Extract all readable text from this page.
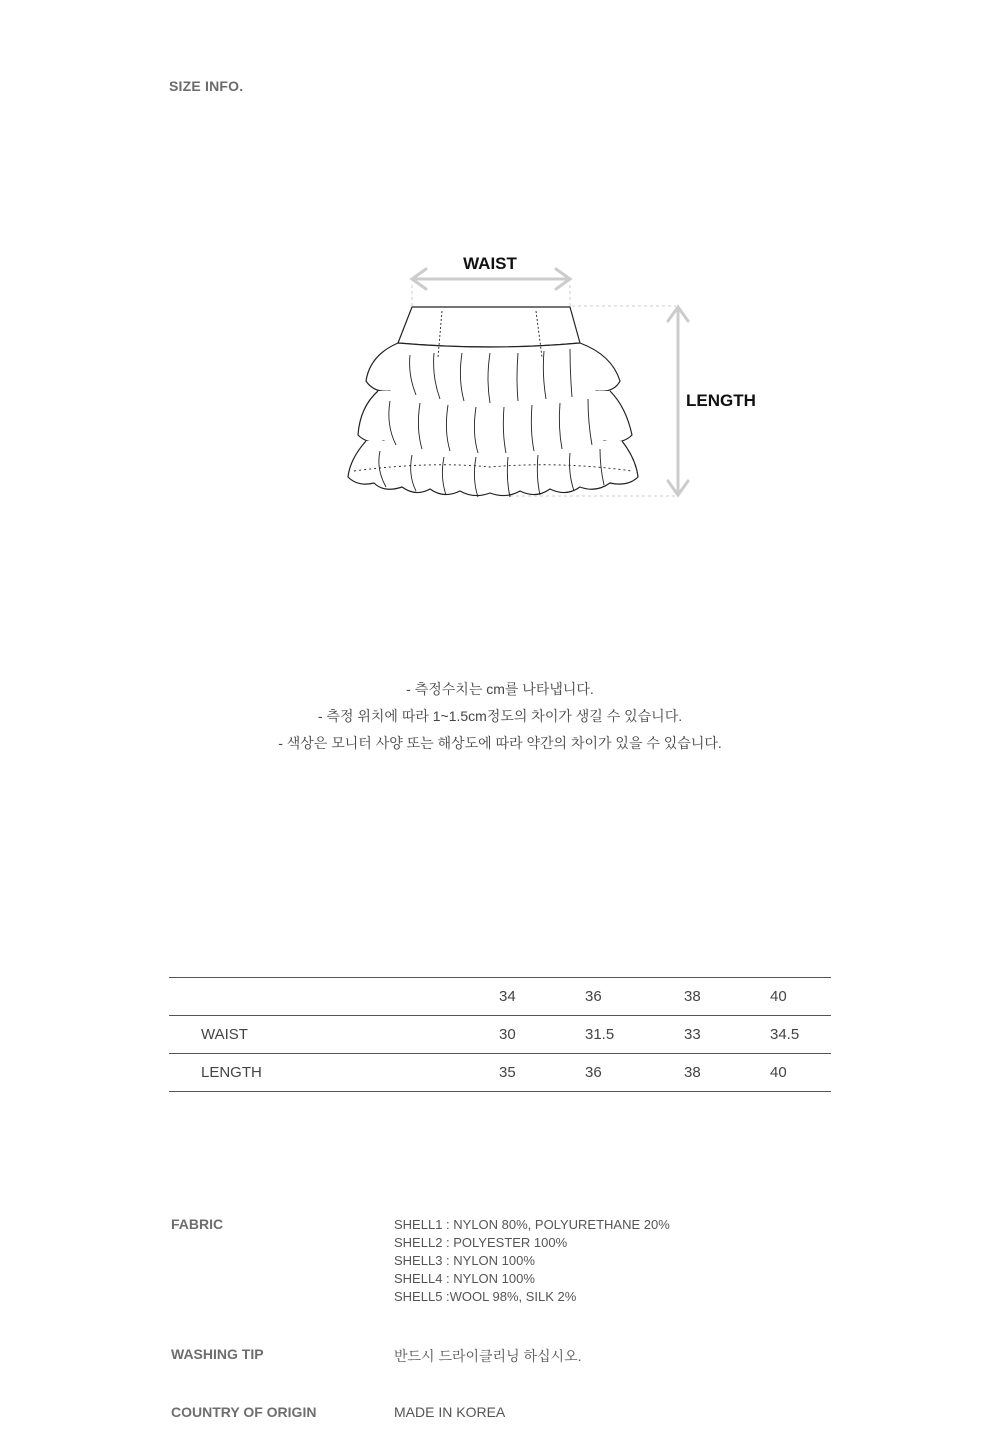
SIZE INFO.
WAIST
LENGTH
- 측정수치는 cm를 나타냅니다.
- 측정 위치에 따라 1~1.5cm정도의 차이가 생길 수 있습니다.
- 색상은 모니터 사양 또는 해상도에 따라 약간의 차이가 있을 수 있습니다.
	34	36	38	40
WAIST	30	31.5	33	34.5
LENGTH	35	36	38	40
FABRIC	SHELL1 : NYLON 80%, POLYURETHANE 20%
SHELL2 : POLYESTER 100%
SHELL3 : NYLON 100%
SHELL4 : NYLON 100%
SHELL5 :WOOL 98%, SILK 2%
WASHING TIP	반드시 드라이클리닝 하십시오.
COUNTRY OF ORIGIN	MADE IN KOREA
